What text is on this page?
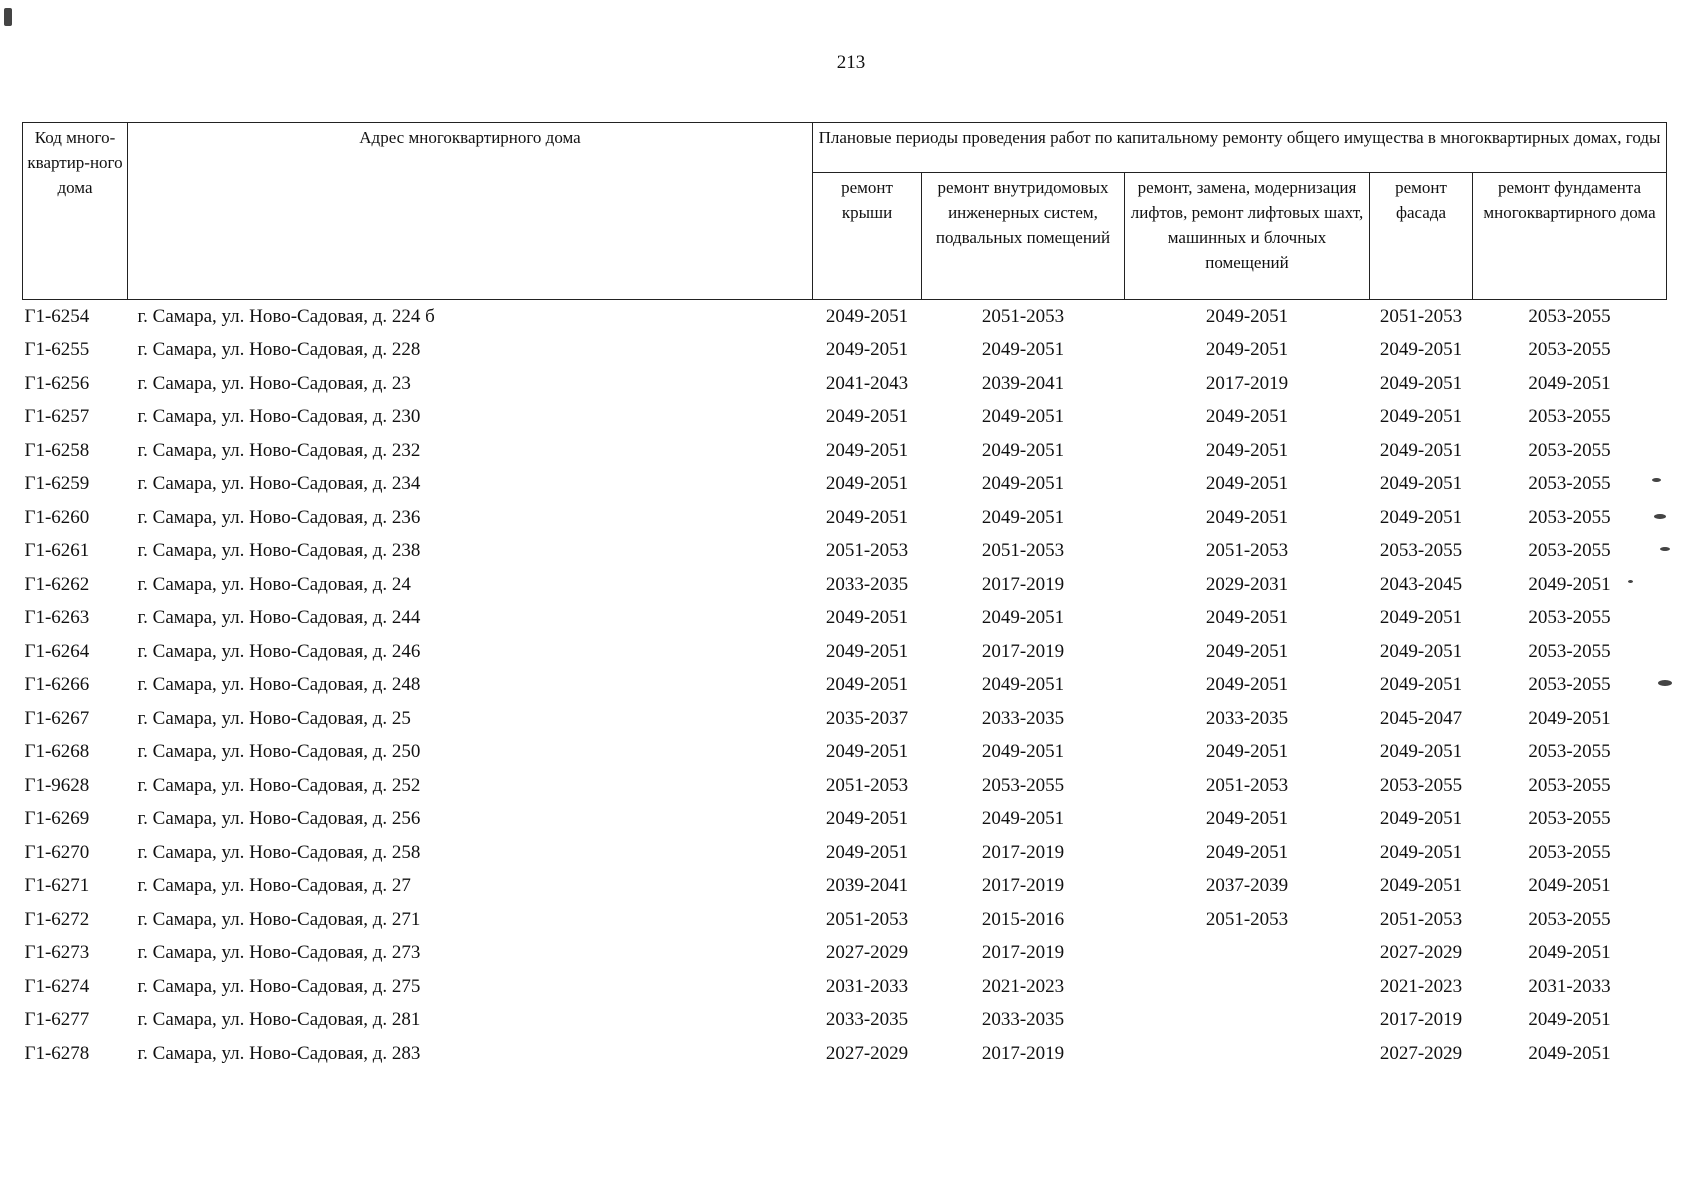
213
Код много-квартир-ного дома	Адрес многоквартирного дома	Плановые периоды проведения работ по капитальному ремонту общего имущества в многоквартирных домах, годы				
		ремонт крыши	ремонт внутридомовых инженерных систем, подвальных помещений	ремонт, замена, модернизация лифтов, ремонт лифтовых шахт, машинных и блочных помещений	ремонт фасада	ремонт фундамента многоквартирного дома
Г1-6254	г. Самара, ул. Ново-Садовая, д. 224 б	2049-2051	2051-2053	2049-2051	2051-2053	2053-2055
Г1-6255	г. Самара, ул. Ново-Садовая, д. 228	2049-2051	2049-2051	2049-2051	2049-2051	2053-2055
Г1-6256	г. Самара, ул. Ново-Садовая, д. 23	2041-2043	2039-2041	2017-2019	2049-2051	2049-2051
Г1-6257	г. Самара, ул. Ново-Садовая, д. 230	2049-2051	2049-2051	2049-2051	2049-2051	2053-2055
Г1-6258	г. Самара, ул. Ново-Садовая, д. 232	2049-2051	2049-2051	2049-2051	2049-2051	2053-2055
Г1-6259	г. Самара, ул. Ново-Садовая, д. 234	2049-2051	2049-2051	2049-2051	2049-2051	2053-2055
Г1-6260	г. Самара, ул. Ново-Садовая, д. 236	2049-2051	2049-2051	2049-2051	2049-2051	2053-2055
Г1-6261	г. Самара, ул. Ново-Садовая, д. 238	2051-2053	2051-2053	2051-2053	2053-2055	2053-2055
Г1-6262	г. Самара, ул. Ново-Садовая, д. 24	2033-2035	2017-2019	2029-2031	2043-2045	2049-2051
Г1-6263	г. Самара, ул. Ново-Садовая, д. 244	2049-2051	2049-2051	2049-2051	2049-2051	2053-2055
Г1-6264	г. Самара, ул. Ново-Садовая, д. 246	2049-2051	2017-2019	2049-2051	2049-2051	2053-2055
Г1-6266	г. Самара, ул. Ново-Садовая, д. 248	2049-2051	2049-2051	2049-2051	2049-2051	2053-2055
Г1-6267	г. Самара, ул. Ново-Садовая, д. 25	2035-2037	2033-2035	2033-2035	2045-2047	2049-2051
Г1-6268	г. Самара, ул. Ново-Садовая, д. 250	2049-2051	2049-2051	2049-2051	2049-2051	2053-2055
Г1-9628	г. Самара, ул. Ново-Садовая, д. 252	2051-2053	2053-2055	2051-2053	2053-2055	2053-2055
Г1-6269	г. Самара, ул. Ново-Садовая, д. 256	2049-2051	2049-2051	2049-2051	2049-2051	2053-2055
Г1-6270	г. Самара, ул. Ново-Садовая, д. 258	2049-2051	2017-2019	2049-2051	2049-2051	2053-2055
Г1-6271	г. Самара, ул. Ново-Садовая, д. 27	2039-2041	2017-2019	2037-2039	2049-2051	2049-2051
Г1-6272	г. Самара, ул. Ново-Садовая, д. 271	2051-2053	2015-2016	2051-2053	2051-2053	2053-2055
Г1-6273	г. Самара, ул. Ново-Садовая, д. 273	2027-2029	2017-2019		2027-2029	2049-2051
Г1-6274	г. Самара, ул. Ново-Садовая, д. 275	2031-2033	2021-2023		2021-2023	2031-2033
Г1-6277	г. Самара, ул. Ново-Садовая, д. 281	2033-2035	2033-2035		2017-2019	2049-2051
Г1-6278	г. Самара, ул. Ново-Садовая, д. 283	2027-2029	2017-2019		2027-2029	2049-2051
